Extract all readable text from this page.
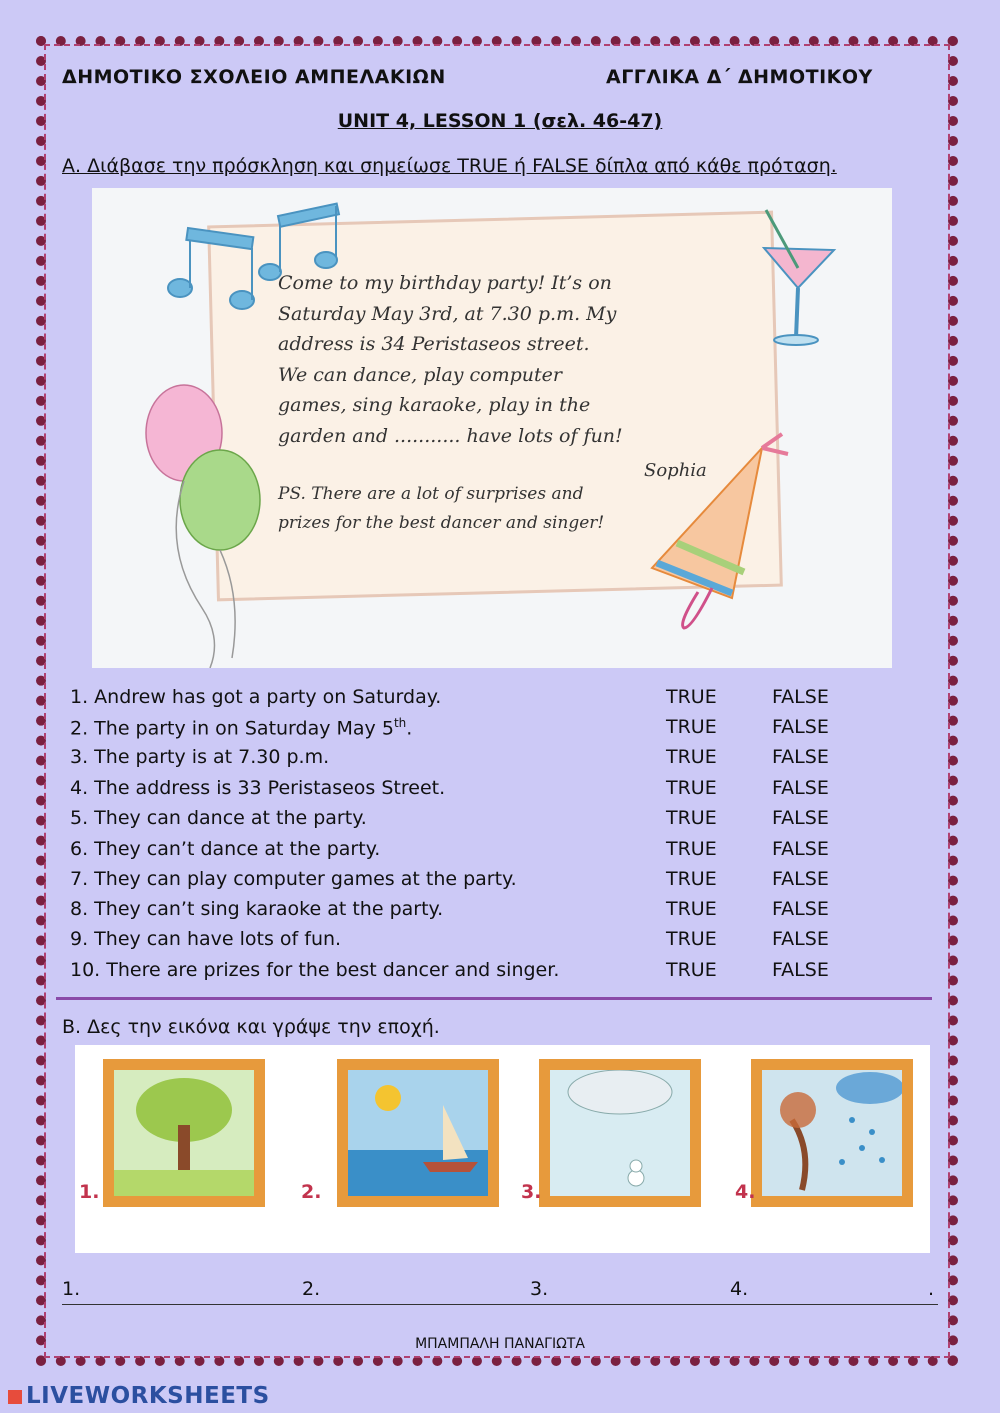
ΔΗΜΟΤΙΚΟ ΣΧΟΛΕΙΟ ΑΜΠΕΛΑΚΙΩΝ	ΑΓΓΛΙΚΑ Δ΄ ΔΗΜΟΤΙΚΟΥ
UNIT 4, LESSON 1 (σελ. 46-47)
Α. Διάβασε την πρόσκληση και σημείωσε TRUE ή FALSE δίπλα από κάθε πρόταση.
Come to my birthday party! It’s on
Saturday May 3rd, at 7.30 p.m. My
address is 34 Peristaseos street.
We can dance, play computer
games, sing karaoke, play in the
garden and ........... have lots of fun!
Sophia
PS. There are a lot of surprises and
prizes for the best dancer and singer!
1. Andrew has got a party on Saturday.	TRUE	FALSE
2. The party in on Saturday May 5th.	TRUE	FALSE
3. The party is at 7.30 p.m.	TRUE	FALSE
4. The address is 33 Peristaseos Street.	TRUE	FALSE
5. They can dance at the party.	TRUE	FALSE
6. They can’t dance at the party.	TRUE	FALSE
7. They can play computer games at the party.	TRUE	FALSE
8. They can’t sing karaoke at the party.	TRUE	FALSE
9. They can have lots of fun.	TRUE	FALSE
10. There are prizes for the best dancer and singer.	TRUE	FALSE
Β. Δες την εικόνα και γράψε την εποχή.
1.	2.	3.	4.
1.	2.	3.	4.	.
ΜΠΑΜΠΑΛΗ ΠΑΝΑΓΙΩΤΑ
LIVEWORKSHEETS
